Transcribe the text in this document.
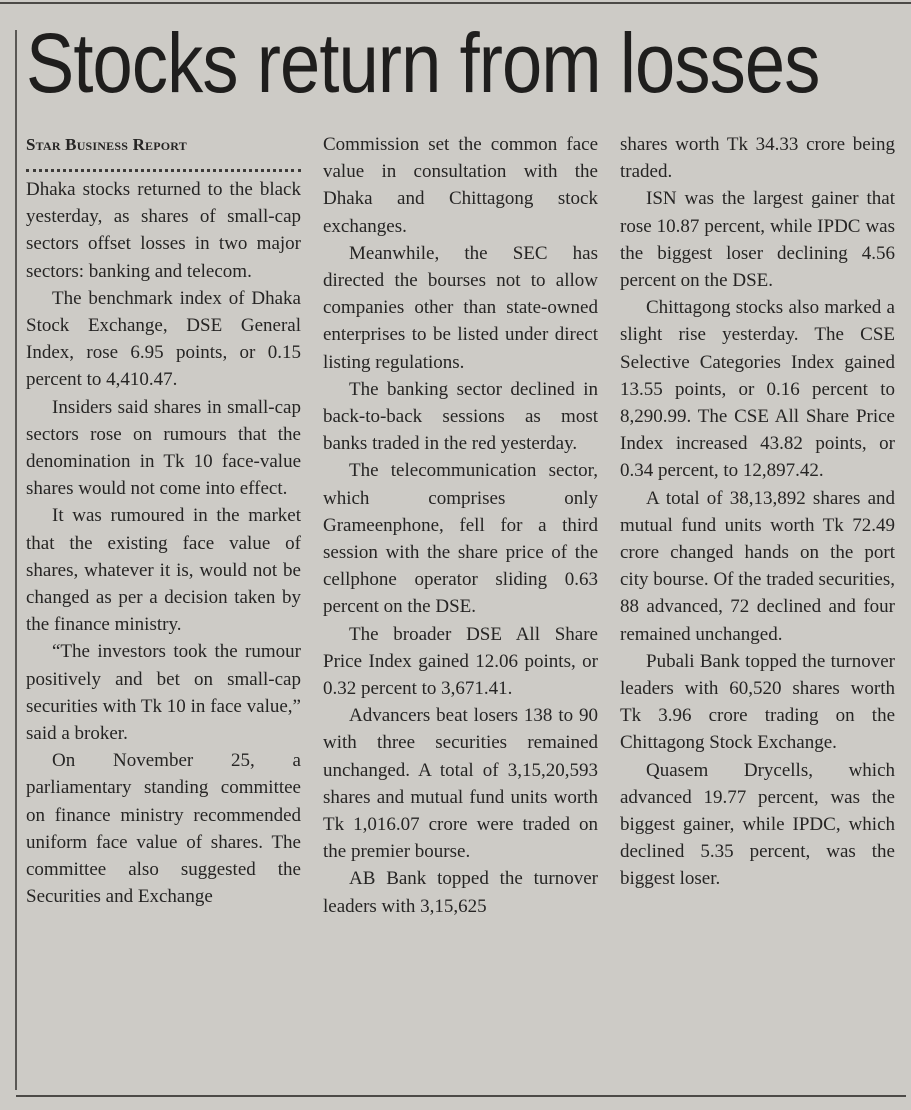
Stocks return from losses
Star Business Report

Dhaka stocks returned to the black yesterday, as shares of small-cap sectors offset losses in two major sectors: banking and telecom.

The benchmark index of Dhaka Stock Exchange, DSE General Index, rose 6.95 points, or 0.15 percent to 4,410.47.

Insiders said shares in small-cap sectors rose on rumours that the denomination in Tk 10 face-value shares would not come into effect.

It was rumoured in the market that the existing face value of shares, whatever it is, would not be changed as per a decision taken by the finance ministry.

“The investors took the rumour positively and bet on small-cap securities with Tk 10 in face value,” said a broker.

On November 25, a parliamentary standing committee on finance ministry recommended uniform face value of shares. The committee also suggested the Securities and Exchange

Commission set the common face value in consultation with the Dhaka and Chittagong stock exchanges.

Meanwhile, the SEC has directed the bourses not to allow companies other than state-owned enterprises to be listed under direct listing regulations.

The banking sector declined in back-to-back sessions as most banks traded in the red yesterday.

The telecommunication sector, which comprises only Grameenphone, fell for a third session with the share price of the cellphone operator sliding 0.63 percent on the DSE.

The broader DSE All Share Price Index gained 12.06 points, or 0.32 percent to 3,671.41.

Advancers beat losers 138 to 90 with three securities remained unchanged. A total of 3,15,20,593 shares and mutual fund units worth Tk 1,016.07 crore were traded on the premier bourse.

AB Bank topped the turnover leaders with 3,15,625

shares worth Tk 34.33 crore being traded.

ISN was the largest gainer that rose 10.87 percent, while IPDC was the biggest loser declining 4.56 percent on the DSE.

Chittagong stocks also marked a slight rise yesterday. The CSE Selective Categories Index gained 13.55 points, or 0.16 percent to 8,290.99. The CSE All Share Price Index increased 43.82 points, or 0.34 percent, to 12,897.42.

A total of 38,13,892 shares and mutual fund units worth Tk 72.49 crore changed hands on the port city bourse. Of the traded securities, 88 advanced, 72 declined and four remained unchanged.

Pubali Bank topped the turnover leaders with 60,520 shares worth Tk 3.96 crore trading on the Chittagong Stock Exchange.

Quasem Drycells, which advanced 19.77 percent, was the biggest gainer, while IPDC, which declined 5.35 percent, was the biggest loser.
